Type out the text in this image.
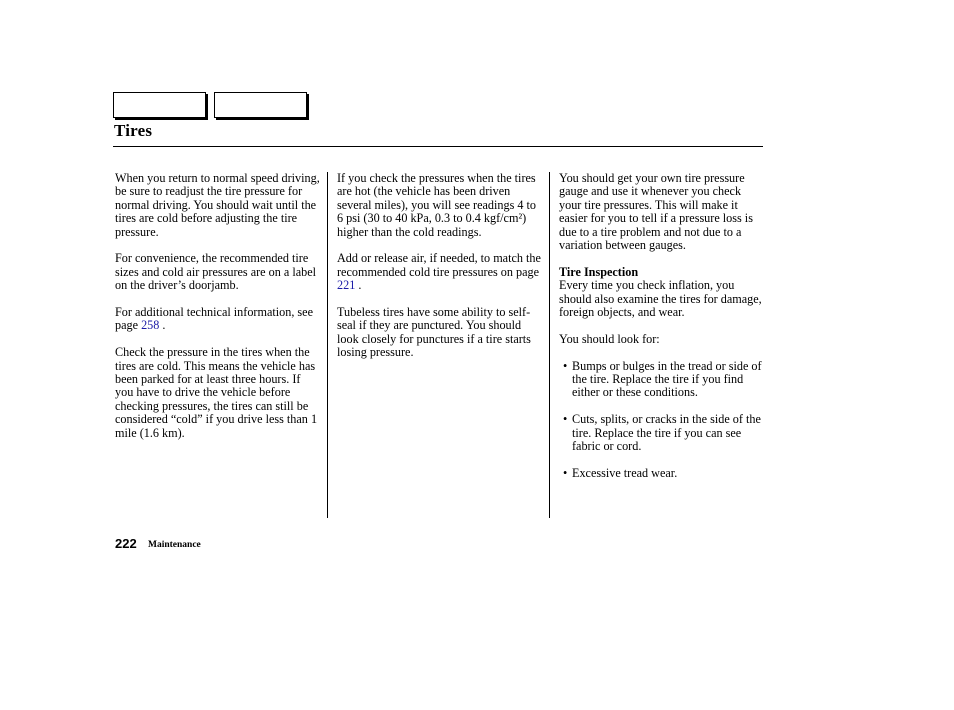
Tires

When you return to normal speed driving, be sure to readjust the tire pressure for normal driving. You should wait until the tires are cold before adjusting the tire pressure.

For convenience, the recommended tire sizes and cold air pressures are on a label on the driver’s doorjamb.

For additional technical information, see page 258 .

Check the pressure in the tires when the tires are cold. This means the vehicle has been parked for at least three hours. If you have to drive the vehicle before checking pressures, the tires can still be considered “cold” if you drive less than 1 mile (1.6 km).

If you check the pressures when the tires are hot (the vehicle has been driven several miles), you will see readings 4 to 6 psi (30 to 40 kPa, 0.3 to 0.4 kgf/cm²) higher than the cold readings.

Add or release air, if needed, to match the recommended cold tire pressures on page 221 .

Tubeless tires have some ability to self-seal if they are punctured. You should look closely for punctures if a tire starts losing pressure.

You should get your own tire pressure gauge and use it whenever you check your tire pressures. This will make it easier for you to tell if a pressure loss is due to a tire problem and not due to a variation between gauges.

Tire Inspection

Every time you check inflation, you should also examine the tires for damage, foreign objects, and wear.

You should look for:

• Bumps or bulges in the tread or side of the tire. Replace the tire if you find either or these conditions.
• Cuts, splits, or cracks in the side of the tire. Replace the tire if you can see fabric or cord.
• Excessive tread wear.
222 Maintenance
